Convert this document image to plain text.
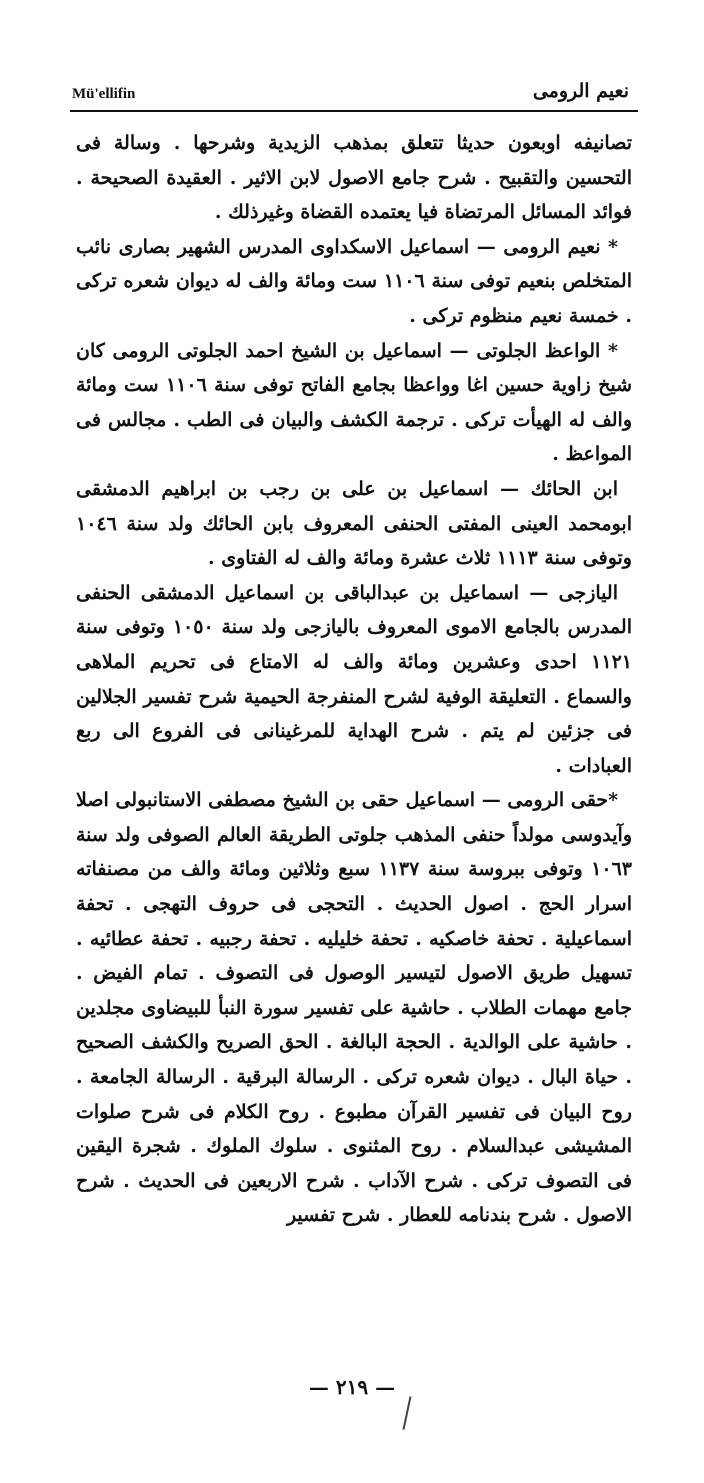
Mü'ellifin	نعيم الرومى

تصانيفه اوبعون حديثا تتعلق بمذهب الزيدية وشرحها . وسالة فى التحسين والتقبيح . شرح جامع الاصول لابن الاثير . العقيدة الصحيحة . فوائد المسائل المرتضاة فيا يعتمده القضاة وغيرذلك .

* نعيم الرومى — اسماعيل الاسكداوى المدرس الشهير بصارى نائب المتخلص بنعيم توفى سنة ١١٠٦ ست ومائة والف له ديوان شعره تركى . خمسة نعيم منظوم تركى .

* الواعظ الجلوتى — اسماعيل بن الشيخ احمد الجلوتى الرومى كان شيخ زاوية حسين اغا وواعظا بجامع الفاتح توفى سنة ١١٠٦ ست ومائة والف له الهيأت تركى . ترجمة الكشف والبيان فى الطب . مجالس فى المواعظ .

ابن الحائك — اسماعيل بن على بن رجب بن ابراهيم الدمشقى ابومحمد العينى المفتى الحنفى المعروف بابن الحائك ولد سنة ١٠٤٦ وتوفى سنة ١١١٣ ثلاث عشرة ومائة والف له الفتاوى .

اليازجى — اسماعيل بن عبدالباقى بن اسماعيل الدمشقى الحنفى المدرس بالجامع الاموى المعروف باليازجى ولد سنة ١٠٥٠ وتوفى سنة ١١٢١ احدى وعشرين ومائة والف له الامتاع فى تحريم الملاهى والسماع . التعليقة الوفية لشرح المنفرجة الحيمية شرح تفسير الجلالين فى جزئين لم يتم . شرح الهداية للمرغينانى فى الفروع الى ربع العبادات .

*حقى الرومى — اسماعيل حقى بن الشيخ مصطفى الاستانبولى اصلا وآيدوسى مولداً حنفى المذهب جلوتى الطريقة العالم الصوفى ولد سنة ١٠٦٣ وتوفى ببروسة سنة ١١٣٧ سبع وثلاثين ومائة والف من مصنفاته اسرار الحج . اصول الحديث . التحجى فى حروف التهجى . تحفة اسماعيلية . تحفة خاصكيه . تحفة خليليه . تحفة رجبيه . تحفة عطائيه . تسهيل طريق الاصول لتيسير الوصول فى التصوف . تمام الفيض . جامع مهمات الطلاب . حاشية على تفسير سورة النبأ للبيضاوى مجلدين . حاشية على الوالدية . الحجة البالغة . الحق الصريح والكشف الصحيح . حياة البال . ديوان شعره تركى . الرسالة البرقية . الرسالة الجامعة . روح البيان فى تفسير القرآن مطبوع . روح الكلام فى شرح صلوات المشيشى عبدالسلام . روح المثنوى . سلوك الملوك . شجرة اليقين فى التصوف تركى . شرح الآداب . شرح الاربعين فى الحديث . شرح الاصول . شرح بندنامه للعطار . شرح تفسير

— ٢١٩ —
